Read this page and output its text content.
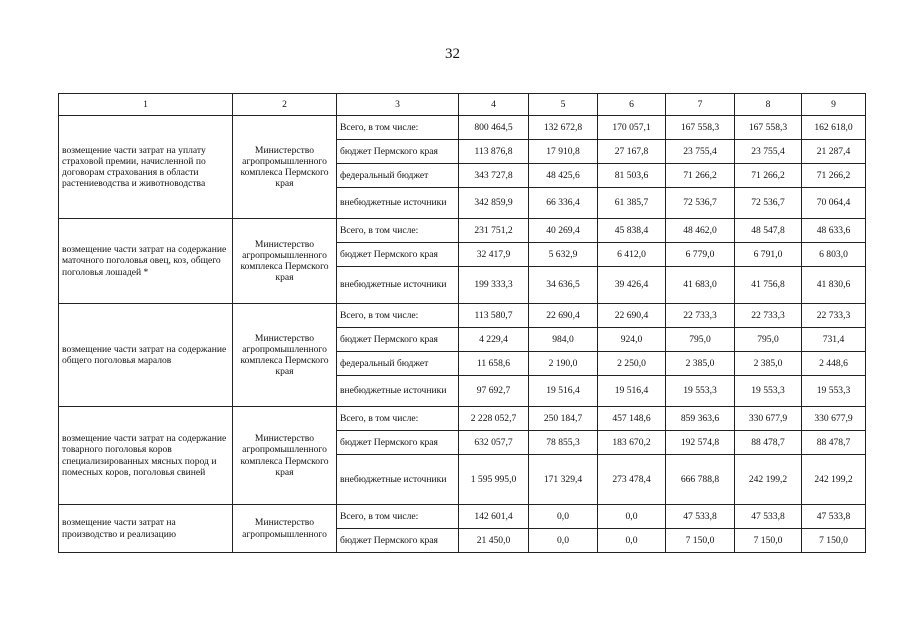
32
1	2	3	4	5	6	7	8	9
возмещение части затрат на уплату страховой премии, начисленной по договорам страхования в области растениеводства и животноводства	Министерство агропромышленного комплекса Пермского края	Всего, в том числе:	800 464,5	132 672,8	170 057,1	167 558,3	167 558,3	162 618,0
		бюджет Пермского края	113 876,8	17 910,8	27 167,8	23 755,4	23 755,4	21 287,4
		федеральный бюджет	343 727,8	48 425,6	81 503,6	71 266,2	71 266,2	71 266,2
		внебюджетные источники	342 859,9	66 336,4	61 385,7	72 536,7	72 536,7	70 064,4
возмещение части затрат на содержание маточного поголовья овец, коз, общего поголовья лошадей *	Министерство агропромышленного комплекса Пермского края	Всего, в том числе:	231 751,2	40 269,4	45 838,4	48 462,0	48 547,8	48 633,6
		бюджет Пермского края	32 417,9	5 632,9	6 412,0	6 779,0	6 791,0	6 803,0
		внебюджетные источники	199 333,3	34 636,5	39 426,4	41 683,0	41 756,8	41 830,6
возмещение части затрат на содержание общего поголовья маралов	Министерство агропромышленного комплекса Пермского края	Всего, в том числе:	113 580,7	22 690,4	22 690,4	22 733,3	22 733,3	22 733,3
		бюджет Пермского края	4 229,4	984,0	924,0	795,0	795,0	731,4
		федеральный бюджет	11 658,6	2 190,0	2 250,0	2 385,0	2 385,0	2 448,6
		внебюджетные источники	97 692,7	19 516,4	19 516,4	19 553,3	19 553,3	19 553,3
возмещение части затрат на содержание товарного поголовья коров специализированных мясных пород и помесных коров, поголовья свиней	Министерство агропромышленного комплекса Пермского края	Всего, в том числе:	2 228 052,7	250 184,7	457 148,6	859 363,6	330 677,9	330 677,9
		бюджет Пермского края	632 057,7	78 855,3	183 670,2	192 574,8	88 478,7	88 478,7
		внебюджетные источники	1 595 995,0	171 329,4	273 478,4	666 788,8	242 199,2	242 199,2
возмещение части затрат на производство и реализацию	Министерство агропромышленного	Всего, в том числе:	142 601,4	0,0	0,0	47 533,8	47 533,8	47 533,8
		бюджет Пермского края	21 450,0	0,0	0,0	7 150,0	7 150,0	7 150,0
